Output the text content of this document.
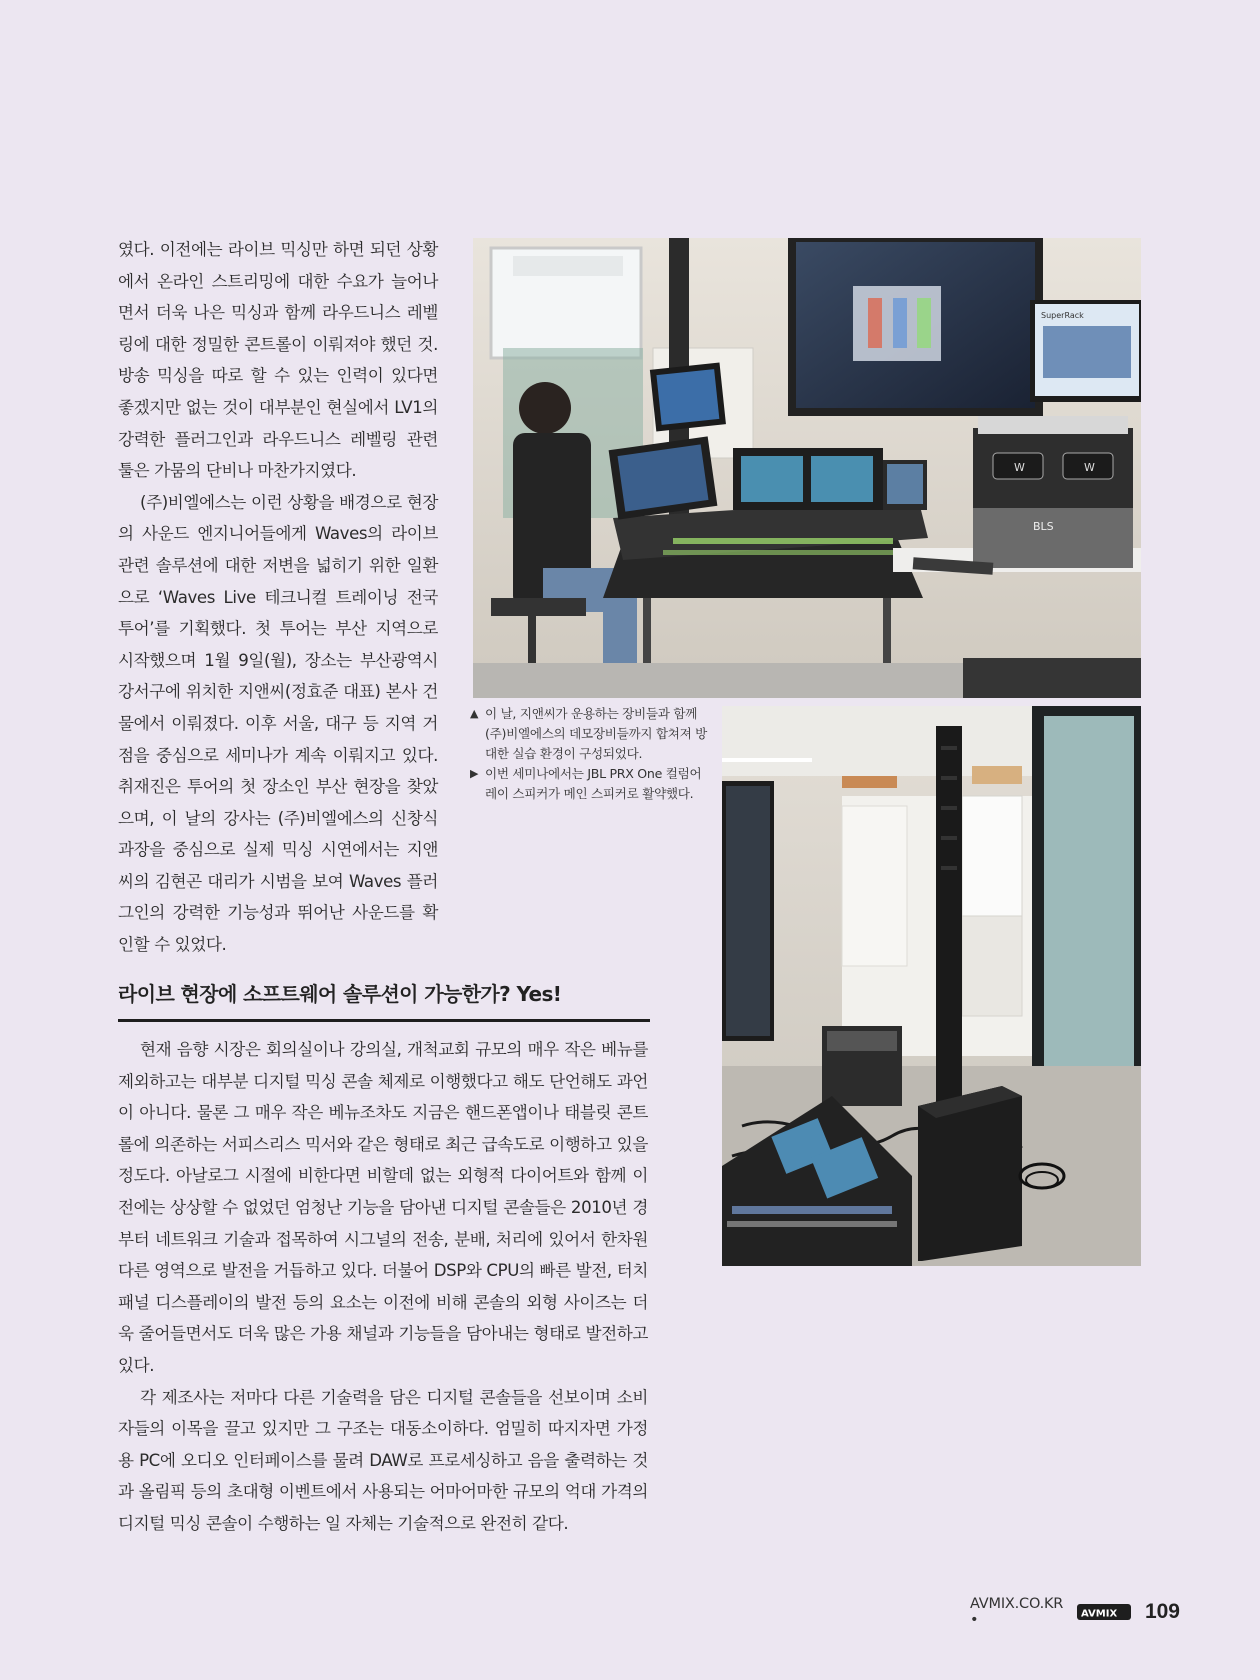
였다. 이전에는 라이브 믹싱만 하면 되던 상황에서 온라인 스트리밍에 대한 수요가 늘어나면서 더욱 나은 믹싱과 함께 라우드니스 레벨링에 대한 정밀한 콘트롤이 이뤄져야 했던 것. 방송 믹싱을 따로 할 수 있는 인력이 있다면 좋겠지만 없는 것이 대부분인 현실에서 LV1의 강력한 플러그인과 라우드니스 레벨링 관련 툴은 가뭄의 단비나 마찬가지였다.

(주)비엘에스는 이런 상황을 배경으로 현장의 사운드 엔지니어들에게 Waves의 라이브 관련 솔루션에 대한 저변을 넓히기 위한 일환으로 ‘Waves Live 테크니컬 트레이닝 전국 투어’를 기획했다. 첫 투어는 부산 지역으로 시작했으며 1월 9일(월), 장소는 부산광역시 강서구에 위치한 지앤씨(정효준 대표) 본사 건물에서 이뤄졌다. 이후 서울, 대구 등 지역 거점을 중심으로 세미나가 계속 이뤄지고 있다. 취재진은 투어의 첫 장소인 부산 현장을 찾았으며, 이 날의 강사는 (주)비엘에스의 신창식 과장을 중심으로 실제 믹싱 시연에서는 지앤씨의 김현곤 대리가 시범을 보여 Waves 플러그인의 강력한 기능성과 뛰어난 사운드를 확인할 수 있었다.

SuperRack
W	W
BLS
▲ 이 날, 지앤씨가 운용하는 장비들과 함께 (주)비엘에스의 데모장비들까지 합쳐져 방대한 실습 환경이 구성되었다.
▶ 이번 세미나에서는 JBL PRX One 컬럼어레이 스피커가 메인 스피커로 활약했다.
라이브 현장에 소프트웨어 솔루션이 가능한가? Yes!

현재 음향 시장은 회의실이나 강의실, 개척교회 규모의 매우 작은 베뉴를 제외하고는 대부분 디지털 믹싱 콘솔 체제로 이행했다고 해도 단언해도 과언이 아니다. 물론 그 매우 작은 베뉴조차도 지금은 핸드폰앱이나 태블릿 콘트롤에 의존하는 서피스리스 믹서와 같은 형태로 최근 급속도로 이행하고 있을 정도다. 아날로그 시절에 비한다면 비할데 없는 외형적 다이어트와 함께 이전에는 상상할 수 없었던 엄청난 기능을 담아낸 디지털 콘솔들은 2010년 경부터 네트워크 기술과 접목하여 시그널의 전송, 분배, 처리에 있어서 한차원 다른 영역으로 발전을 거듭하고 있다. 더불어 DSP와 CPU의 빠른 발전, 터치패널 디스플레이의 발전 등의 요소는 이전에 비해 콘솔의 외형 사이즈는 더욱 줄어들면서도 더욱 많은 가용 채널과 기능들을 담아내는 형태로 발전하고 있다.

각 제조사는 저마다 다른 기술력을 담은 디지털 콘솔들을 선보이며 소비자들의 이목을 끌고 있지만 그 구조는 대동소이하다. 엄밀히 따지자면 가정용 PC에 오디오 인터페이스를 물려 DAW로 프로세싱하고 음을 출력하는 것과 올림픽 등의 초대형 이벤트에서 사용되는 어마어마한 규모의 억대 가격의 디지털 믹싱 콘솔이 수행하는 일 자체는 기술적으로 완전히 같다.

AVMIX.CO.KR •	AVMIX 109
